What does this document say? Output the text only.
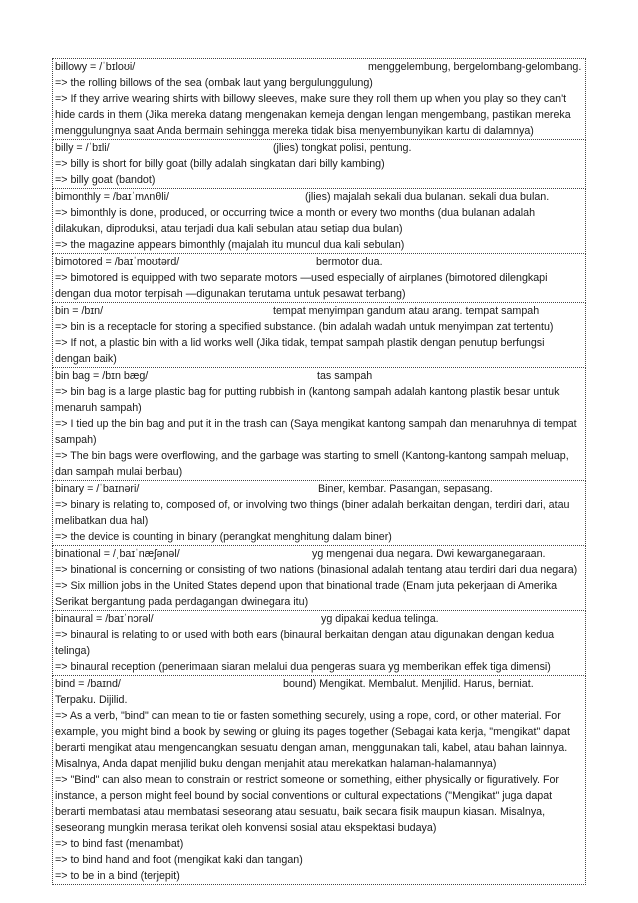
billowy = /ˈbɪloʊi/	menggelembung, bergelombang-gelombang.
=> the rolling billows of the sea (ombak laut yang bergulunggulung)
=> If they arrive wearing shirts with billowy sleeves, make sure they roll them up when you play so they can't hide cards in them (Jika mereka datang mengenakan kemeja dengan lengan mengembang, pastikan mereka menggulungnya saat Anda bermain sehingga mereka tidak bisa menyembunyikan kartu di dalamnya)
billy = /ˈbɪli/	(jlies) tongkat polisi, pentung.
=> billy is short for billy goat (billy adalah singkatan dari billy kambing)
=> billy goat (bandot)
bimonthly = /baɪˈmʌnθli/	(jlies) majalah sekali dua bulanan. sekali dua bulan.
=> bimonthly is done, produced, or occurring twice a month or every two months (dua bulanan adalah dilakukan, diproduksi, atau terjadi dua kali sebulan atau setiap dua bulan)
=> the magazine appears bimonthly (majalah itu muncul dua kali sebulan)
bimotored = /baɪˈmoʊtərd/	bermotor dua.
=> bimotored is equipped with two separate motors —used especially of airplanes (bimotored dilengkapi dengan dua motor terpisah —digunakan terutama untuk pesawat terbang)
bin = /bɪn/	tempat menyimpan gandum atau arang. tempat sampah
=> bin is a receptacle for storing a specified substance. (bin adalah wadah untuk menyimpan zat tertentu)
=> If not, a plastic bin with a lid works well (Jika tidak, tempat sampah plastik dengan penutup berfungsi dengan baik)
bin bag = /bɪn bæɡ/	tas sampah
=> bin bag is a large plastic bag for putting rubbish in (kantong sampah adalah kantong plastik besar untuk menaruh sampah)
=> I tied up the bin bag and put it in the trash can (Saya mengikat kantong sampah dan menaruhnya di tempat sampah)
=> The bin bags were overflowing, and the garbage was starting to smell (Kantong-kantong sampah meluap, dan sampah mulai berbau)
binary = /ˈbaɪnəri/	Biner, kembar. Pasangan, sepasang.
=> binary is relating to, composed of, or involving two things (biner adalah berkaitan dengan, terdiri dari, atau melibatkan dua hal)
=> the device is counting in binary (perangkat menghitung dalam biner)
binational = /ˌbaɪˈnæʃənəl/	yg mengenai dua negara. Dwi kewarganegaraan.
=> binational is concerning or consisting of two nations (binasional adalah tentang atau terdiri dari dua negara)
=> Six million jobs in the United States depend upon that binational trade (Enam juta pekerjaan di Amerika Serikat bergantung pada perdagangan dwinegara itu)
binaural = /baɪˈnɔrəl/	yg dipakai kedua telinga.
=> binaural is relating to or used with both ears (binaural berkaitan dengan atau digunakan dengan kedua telinga)
=> binaural reception (penerimaan siaran melalui dua pengeras suara yg memberikan effek tiga dimensi)
bind = /baɪnd/	bound) Mengikat. Membalut. Menjilid. Harus, berniat.
Terpaku. Dijilid.
=> As a verb, "bind" can mean to tie or fasten something securely, using a rope, cord, or other material. For example, you might bind a book by sewing or gluing its pages together (Sebagai kata kerja, "mengikat" dapat berarti mengikat atau mengencangkan sesuatu dengan aman, menggunakan tali, kabel, atau bahan lainnya. Misalnya, Anda dapat menjilid buku dengan menjahit atau merekatkan halaman-halamannya)
=> "Bind" can also mean to constrain or restrict someone or something, either physically or figuratively. For instance, a person might feel bound by social conventions or cultural expectations ("Mengikat" juga dapat berarti membatasi atau membatasi seseorang atau sesuatu, baik secara fisik maupun kiasan. Misalnya, seseorang mungkin merasa terikat oleh konvensi sosial atau ekspektasi budaya)
=> to bind fast (menambat)
=> to bind hand and foot (mengikat kaki dan tangan)
=> to be in a bind (terjepit)
